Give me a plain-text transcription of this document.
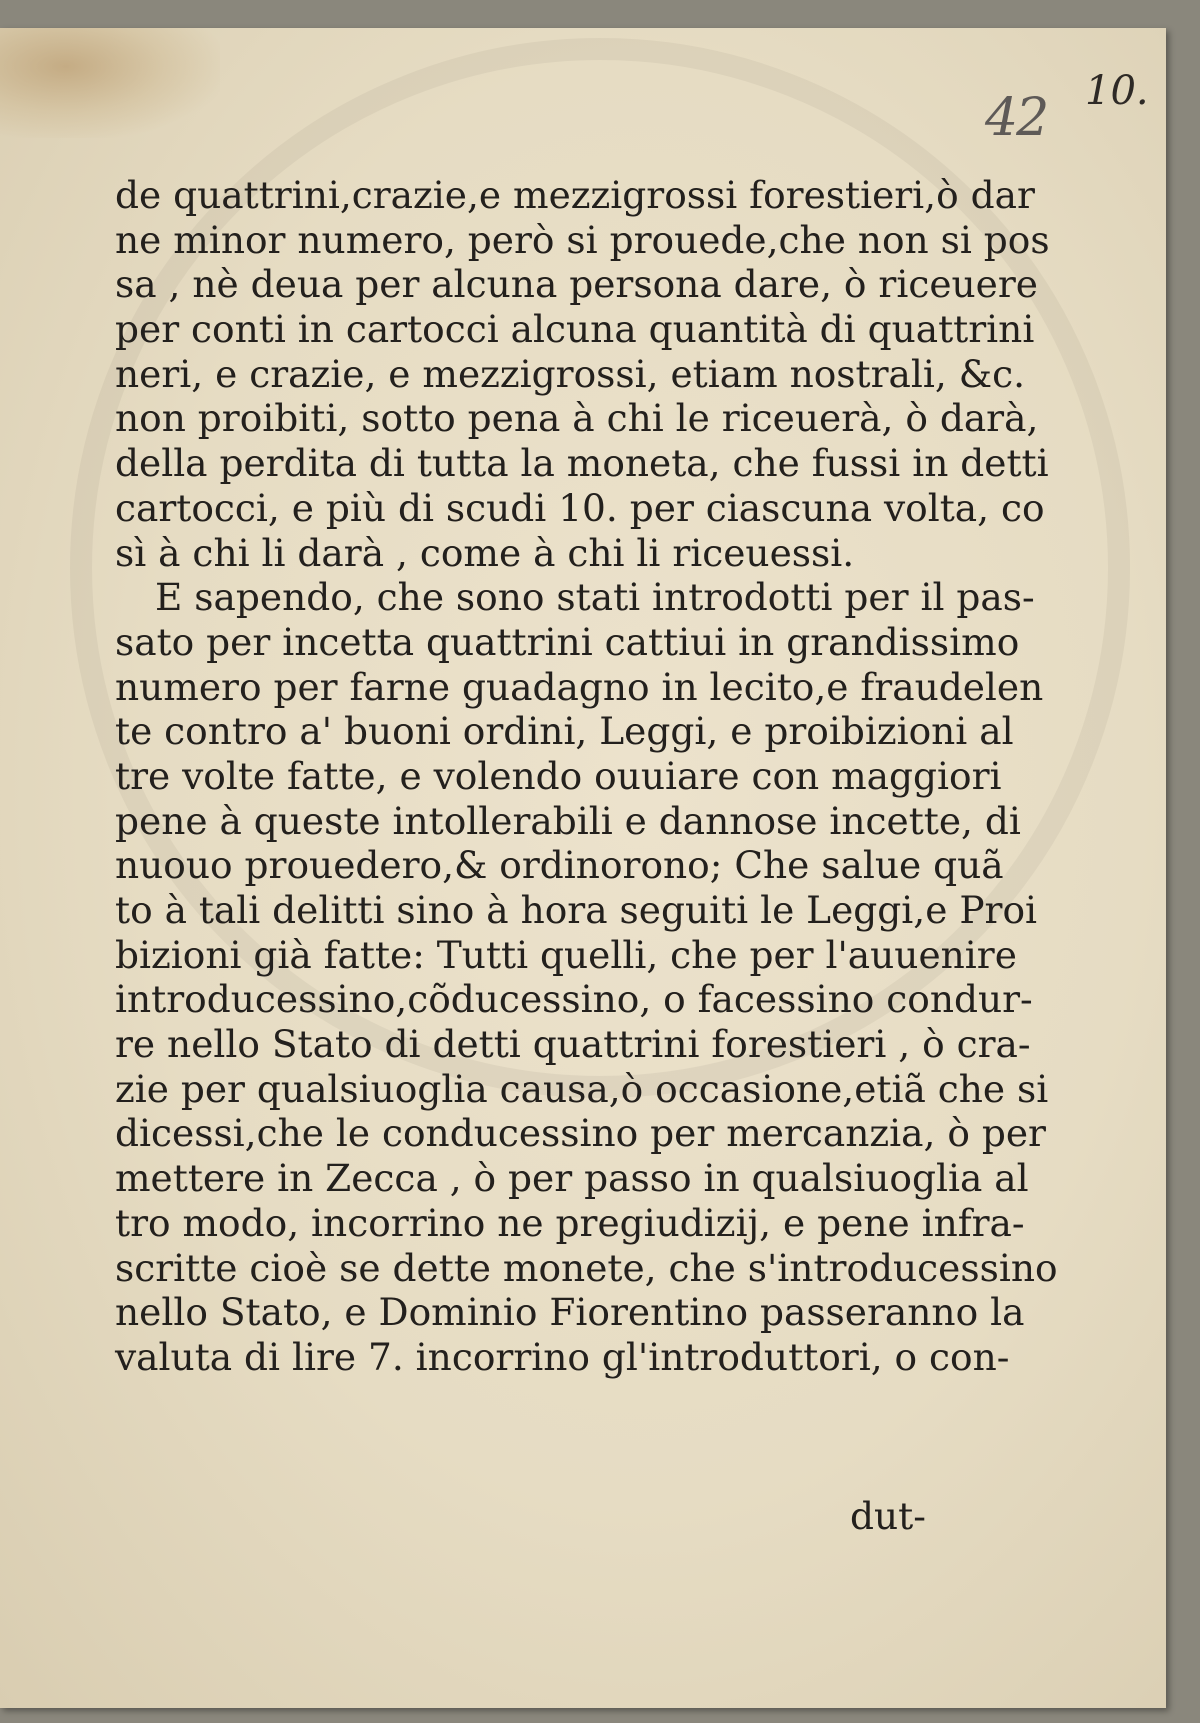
42 10.
de quattrini,crazie,e mezzigrossi forestieri,ò dar
ne minor numero, però si prouede,che non si pos
sa , nè deua per alcuna persona dare, ò riceuere
per conti in cartocci alcuna quantità di quattrini
neri, e crazie, e mezzigrossi, etiam nostrali, &c.
non proibiti, sotto pena à chi le riceuerà, ò darà,
della perdita di tutta la moneta, che fussi in detti
cartocci, e più di scudi 10. per ciascuna volta, co
sì à chi li darà , come à chi li riceuessi.
E sapendo, che sono stati introdotti per il pas-
sato per incetta quattrini cattiui in grandissimo
numero per farne guadagno in lecito,e fraudelen
te contro a' buoni ordini, Leggi, e proibizioni al
tre volte fatte, e volendo ouuiare con maggiori
pene à queste intollerabili e dannose incette, di
nuouo prouedero,& ordinorono; Che salue quã
to à tali delitti sino à hora seguiti le Leggi,e Proi
bizioni già fatte: Tutti quelli, che per l'auuenire
introducessino,cõducessino, o facessino condur-
re nello Stato di detti quattrini forestieri , ò cra-
zie per qualsiuoglia causa,ò occasione,etiã che si
dicessi,che le conducessino per mercanzia, ò per
mettere in Zecca , ò per passo in qualsiuoglia al
tro modo, incorrino ne pregiudizij, e pene infra-
scritte cioè se dette monete, che s'introducessino
nello Stato, e Dominio Fiorentino passeranno la
valuta di lire 7. incorrino gl'introduttori, o con-
dut-
